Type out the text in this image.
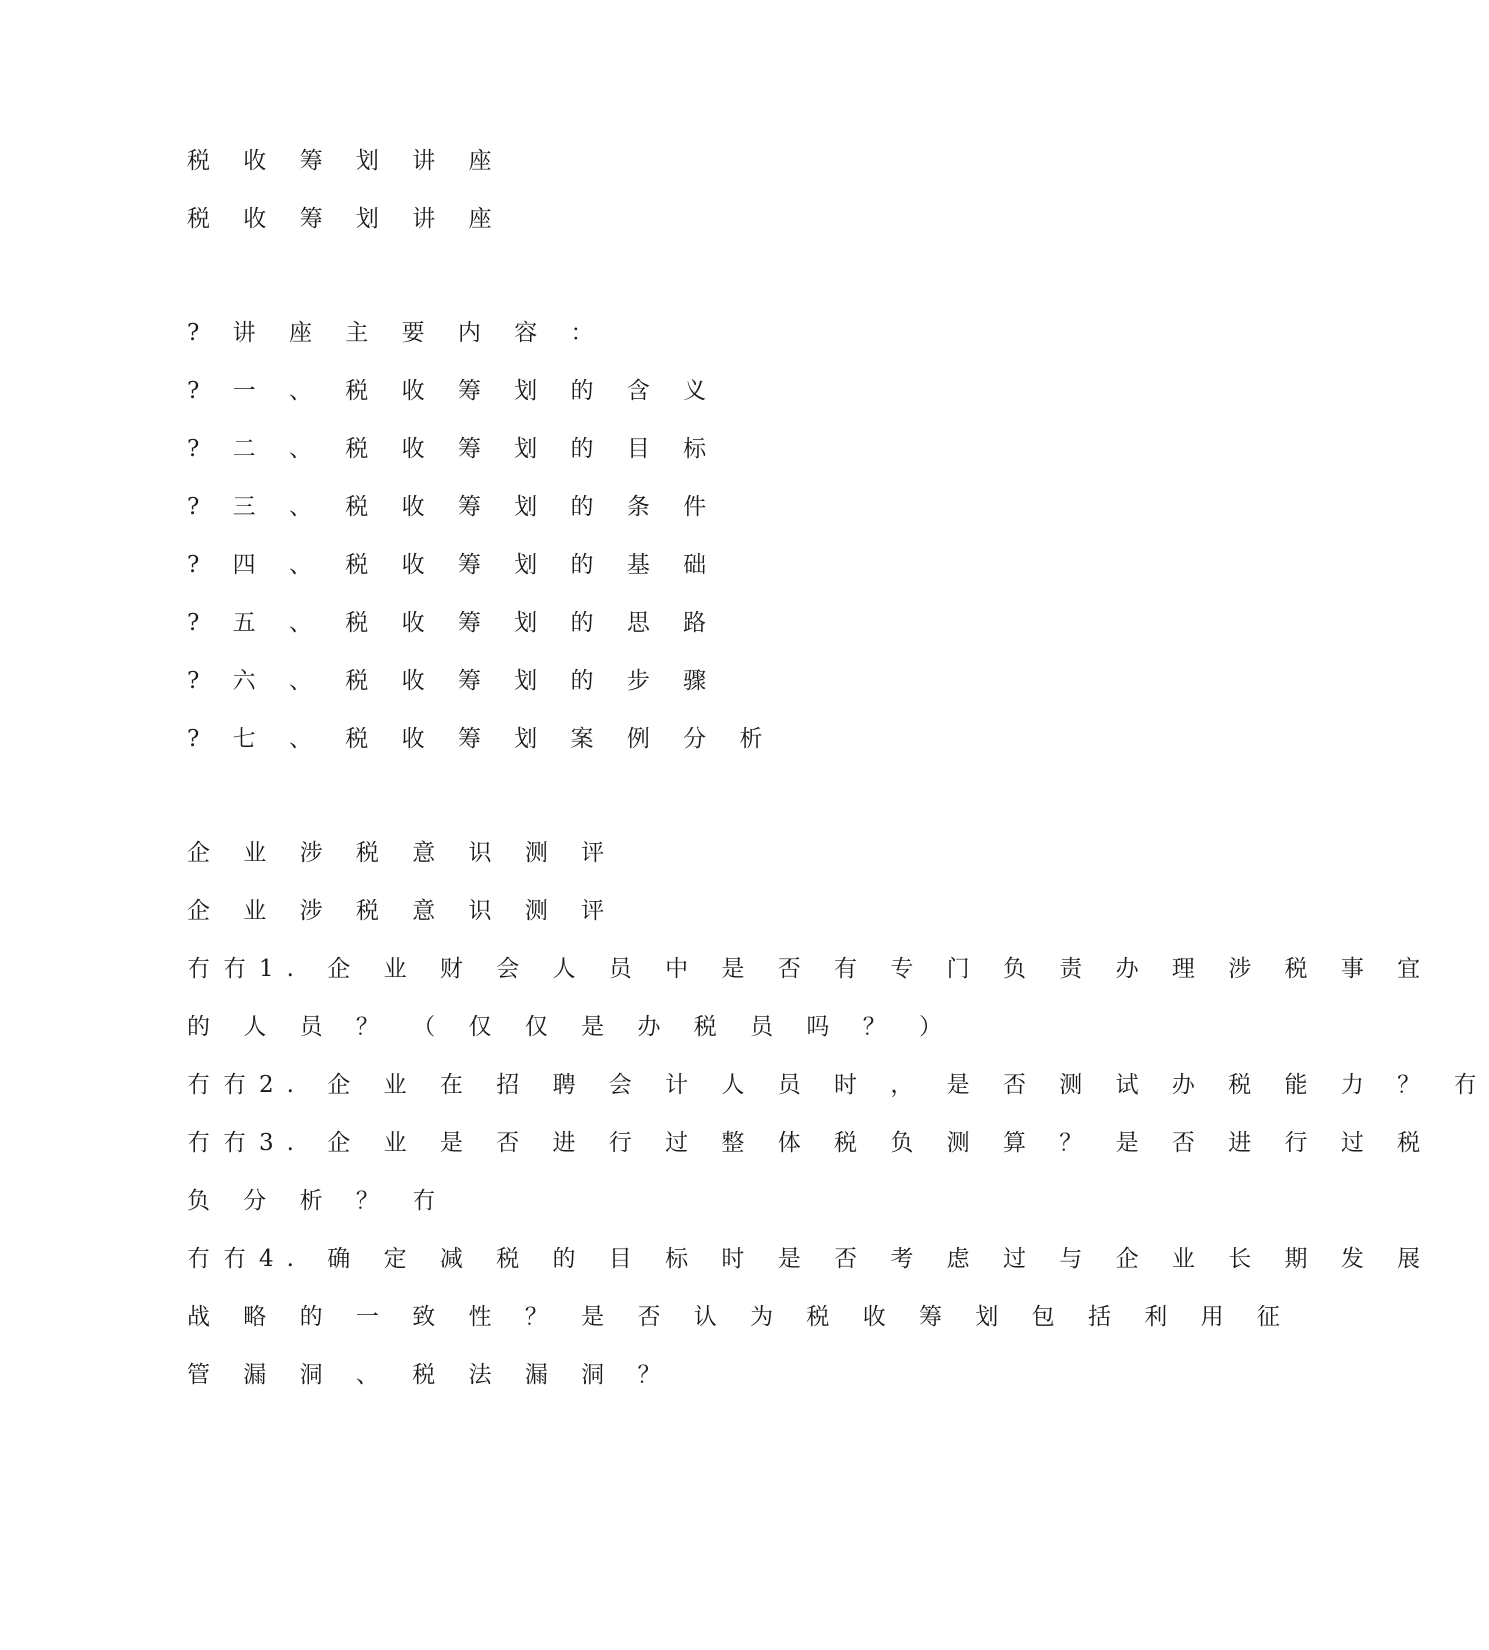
税 收 筹 划 讲 座
税 收 筹 划 讲 座
? 讲 座 主 要 内 容 ：
? 一 、 税 收 筹 划 的 含 义
? 二 、 税 收 筹 划 的 目 标
? 三 、 税 收 筹 划 的 条 件
? 四 、 税 收 筹 划 的 基 础
? 五 、 税 收 筹 划 的 思 路
? 六 、 税 收 筹 划 的 步 骤
? 七 、 税 收 筹 划 案 例 分 析
企 业 涉 税 意 识 测 评
企 业 涉 税 意 识 测 评
冇冇1. 企 业 财 会 人 员 中 是 否 有 专 门 负 责 办 理 涉 税 事 宜
的 人 员 ？ （ 仅 仅 是 办 税 员 吗 ？ ）
冇冇2. 企 业 在 招 聘 会 计 人 员 时 ， 是 否 测 试 办 税 能 力 ？ 冇
冇冇3. 企 业 是 否 进 行 过 整 体 税 负 测 算 ？ 是 否 进 行 过 税
负 分 析 ？ 冇
冇冇4. 确 定 减 税 的 目 标 时 是 否 考 虑 过 与 企 业 长 期 发 展
战 略 的 一 致 性 ？ 是 否 认 为 税 收 筹 划 包 括 利 用 征
管 漏 洞 、 税 法 漏 洞 ？
